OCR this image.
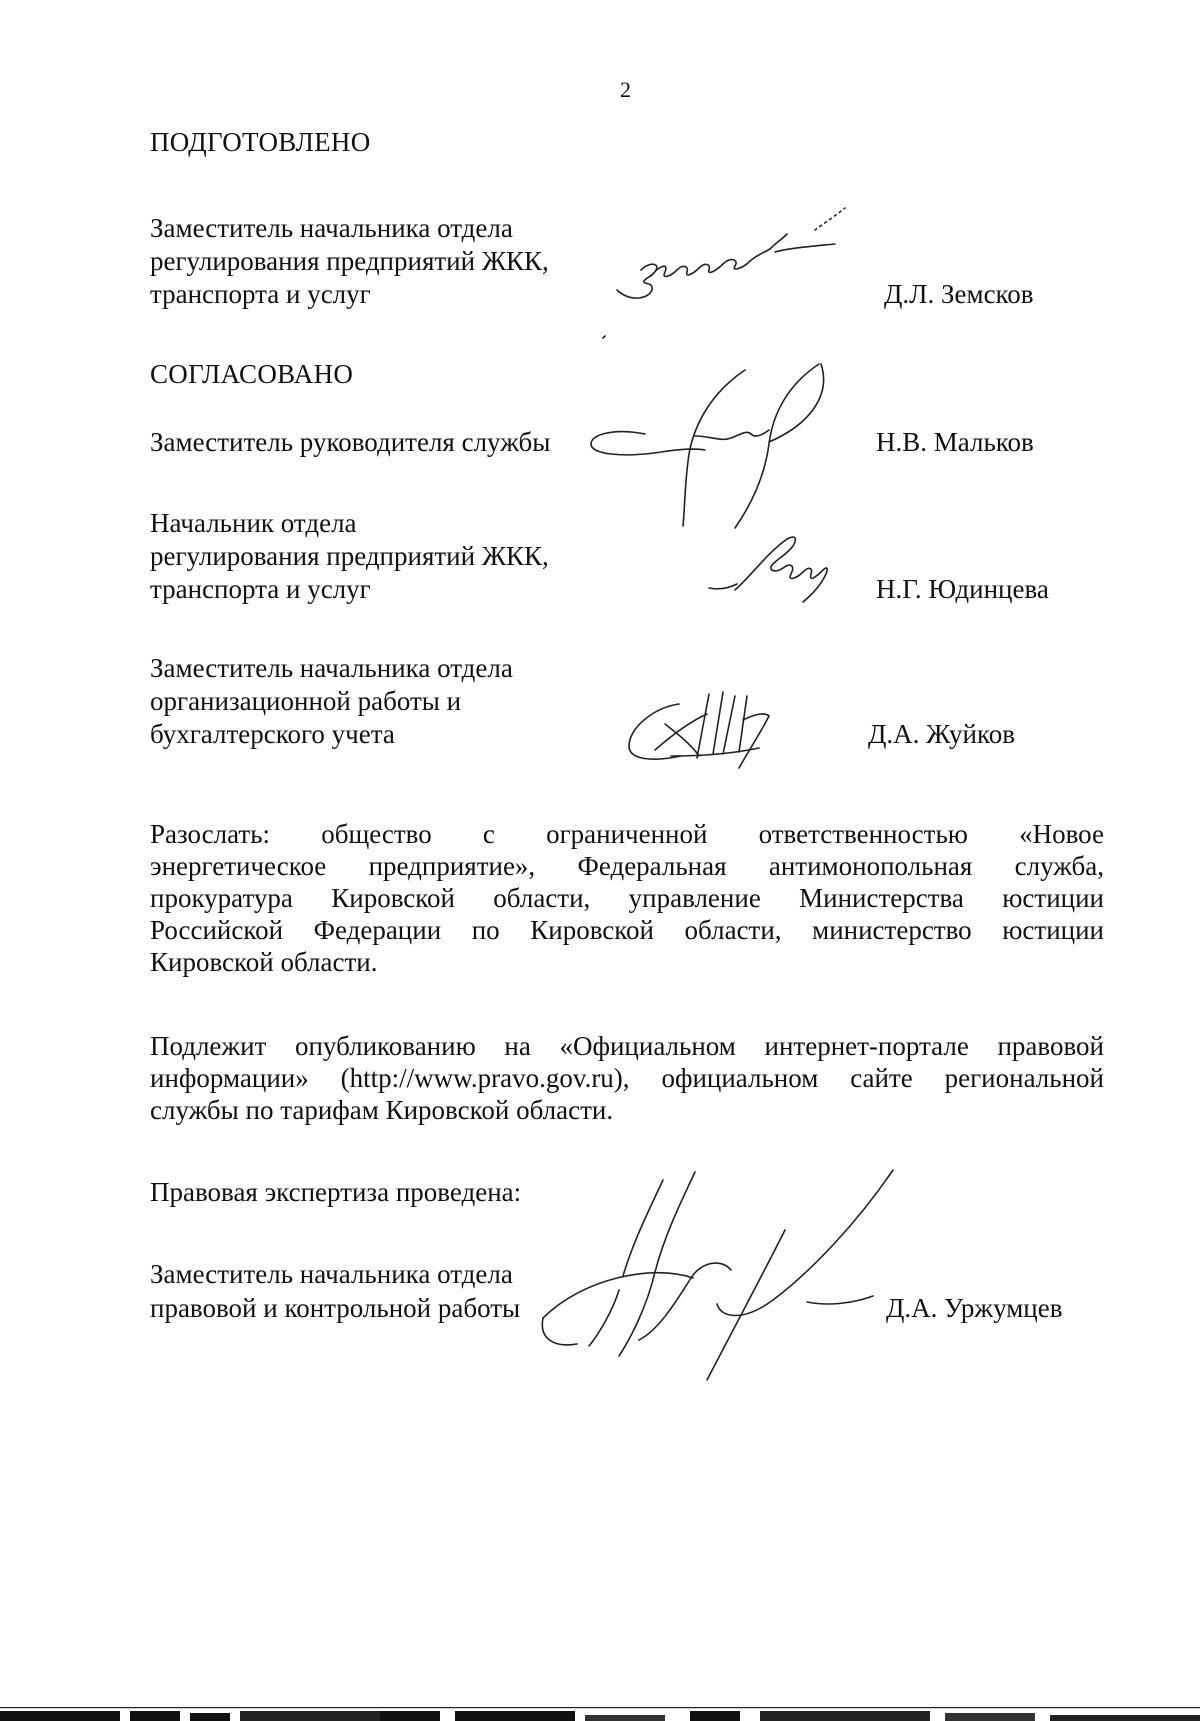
2
ПОДГОТОВЛЕНО
Заместитель начальника отдела
регулирования предприятий ЖКК,
транспорта и услуг	Д.Л. Земсков
СОГЛАСОВАНО
Заместитель руководителя службы	Н.В. Мальков
Начальник отдела
регулирования предприятий ЖКК,
транспорта и услуг	Н.Г. Юдинцева
Заместитель начальника отдела
организационной работы и
бухгалтерского учета	Д.А. Жуйков
Разослать: общество с ограниченной ответственностью «Новое
энергетическое предприятие», Федеральная антимонопольная служба,
прокуратура Кировской области, управление Министерства юстиции
Российской Федерации по Кировской области, министерство юстиции
Кировской области.
Подлежит опубликованию на «Официальном интернет-портале правовой
информации» (http://www.pravo.gov.ru), официальном сайте региональной
службы по тарифам Кировской области.
Правовая экспертиза проведена:
Заместитель начальника отдела
правовой и контрольной работы	Д.А. Уржумцев
